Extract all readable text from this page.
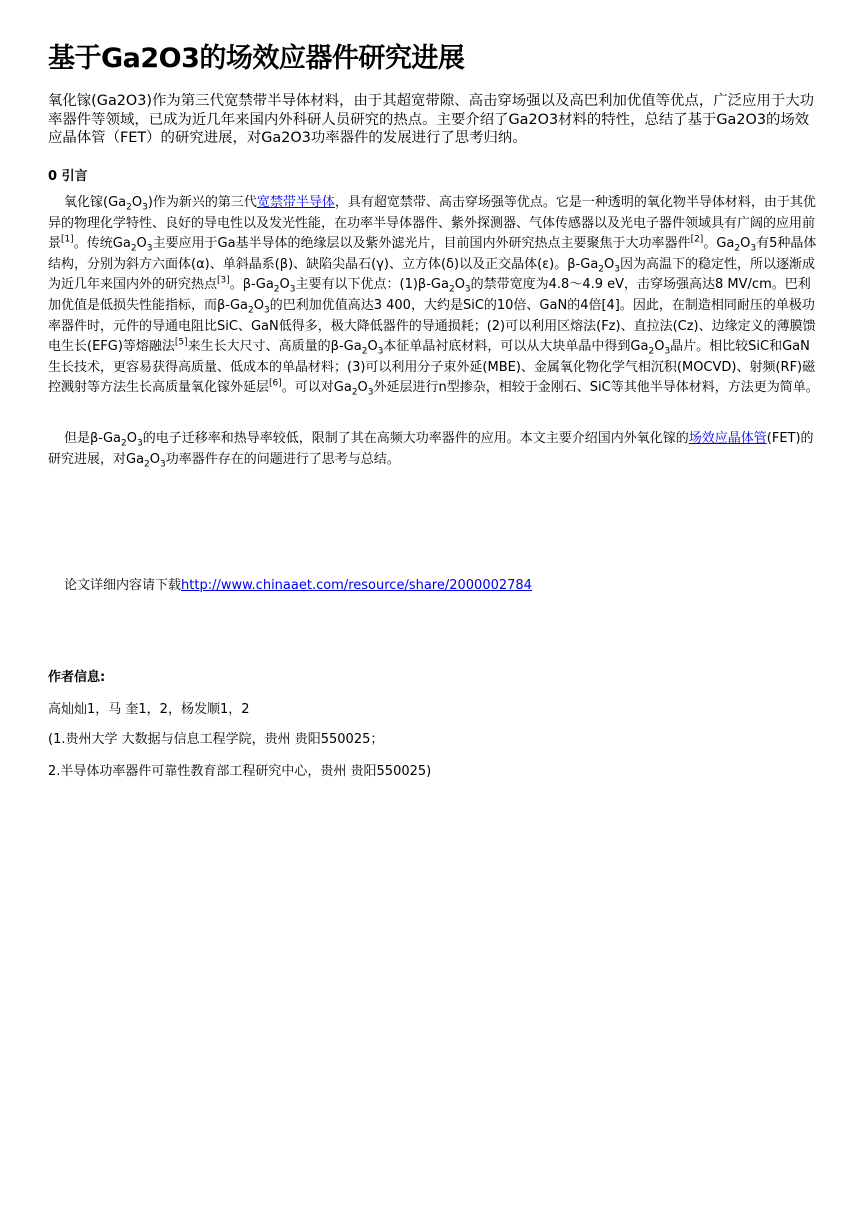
基于Ga2O3的场效应器件研究进展

氧化镓(Ga2O3)作为第三代宽禁带半导体材料，由于其超宽带隙、高击穿场强以及高巴利加优值等优点，广泛应用于大功率器件等领域，已成为近几年来国内外科研人员研究的热点。主要介绍了Ga2O3材料的特性，总结了基于Ga2O3的场效应晶体管（FET）的研究进展，对Ga2O3功率器件的发展进行了思考归纳。

0 引言

氧化镓$(Ga_2O_3)$作为新兴的第三代宽禁带半导体，具有超宽禁带、高击穿场强等优点。它是一种透明的氧化物半导体材料，由于其优异的物理化学特性、良好的导电性以及发光性能，在功率半导体器件、紫外探测器、气体传感器以及光电子器件领域具有广阔的应用前景[1]。传统$Ga_2O_3$主要应用于Ga基半导体的绝缘层以及紫外滤光片，目前国内外研究热点主要聚焦于大功率器件[2]。$Ga_2O_3$有5种晶体结构，分别为斜方六面体(α)、单斜晶系(β)、缺陷尖晶石(γ)、立方体(δ)以及正交晶体(ε)。$\beta-Ga_2O_3$因为高温下的稳定性，所以逐渐成为近几年来国内外的研究热点[3]。$\beta-Ga_2O_3$主要有以下优点：$(1)\beta-Ga_2O_3$的禁带宽度为4.8～4.9 eV，击穿场强高达8 MV/cm。巴利加优值是低损失性能指标，而$\beta-Ga_2O_3$的巴利加优值高达3 400，大约是SiC的10倍、GaN的4倍[4]。因此，在制造相同耐压的单极功率器件时，元件的导通电阻比SiC、GaN低得多，极大降低器件的导通损耗；(2)可以利用区熔法(Fz)、直拉法(Cz)、边缘定义的薄膜馈电生长(EFG)等熔融法[5]来生长大尺寸、高质量的$\beta-Ga_2O_3$本征单晶衬底材料，可以从大块单晶中得到$Ga_2O_3$晶片。相比较SiC和GaN生长技术，更容易获得高质量、低成本的单晶材料；(3)可以利用分子束外延(MBE)、金属氧化物化学气相沉积(MOCVD)、射频(RF)磁控溅射等方法生长高质量氧化镓外延层[6]。可以对$Ga_2O_3$外延层进行n型掺杂，相较于金刚石、SiC等其他半导体材料，方法更为简单。

但是$\beta-Ga_2O_3$的电子迁移率和热导率较低，限制了其在高频大功率器件的应用。本文主要介绍国内外氧化镓的场效应晶体管(FET)的研究进展，对$Ga_2O_3$功率器件存在的问题进行了思考与总结。

论文详细内容请下载http://www.chinaaet.com/resource/share/2000002784

作者信息:

高灿灿1，马 奎1，2，杨发顺1，2

(1.贵州大学 大数据与信息工程学院，贵州 贵阳550025；

2.半导体功率器件可靠性教育部工程研究中心，贵州 贵阳550025)
